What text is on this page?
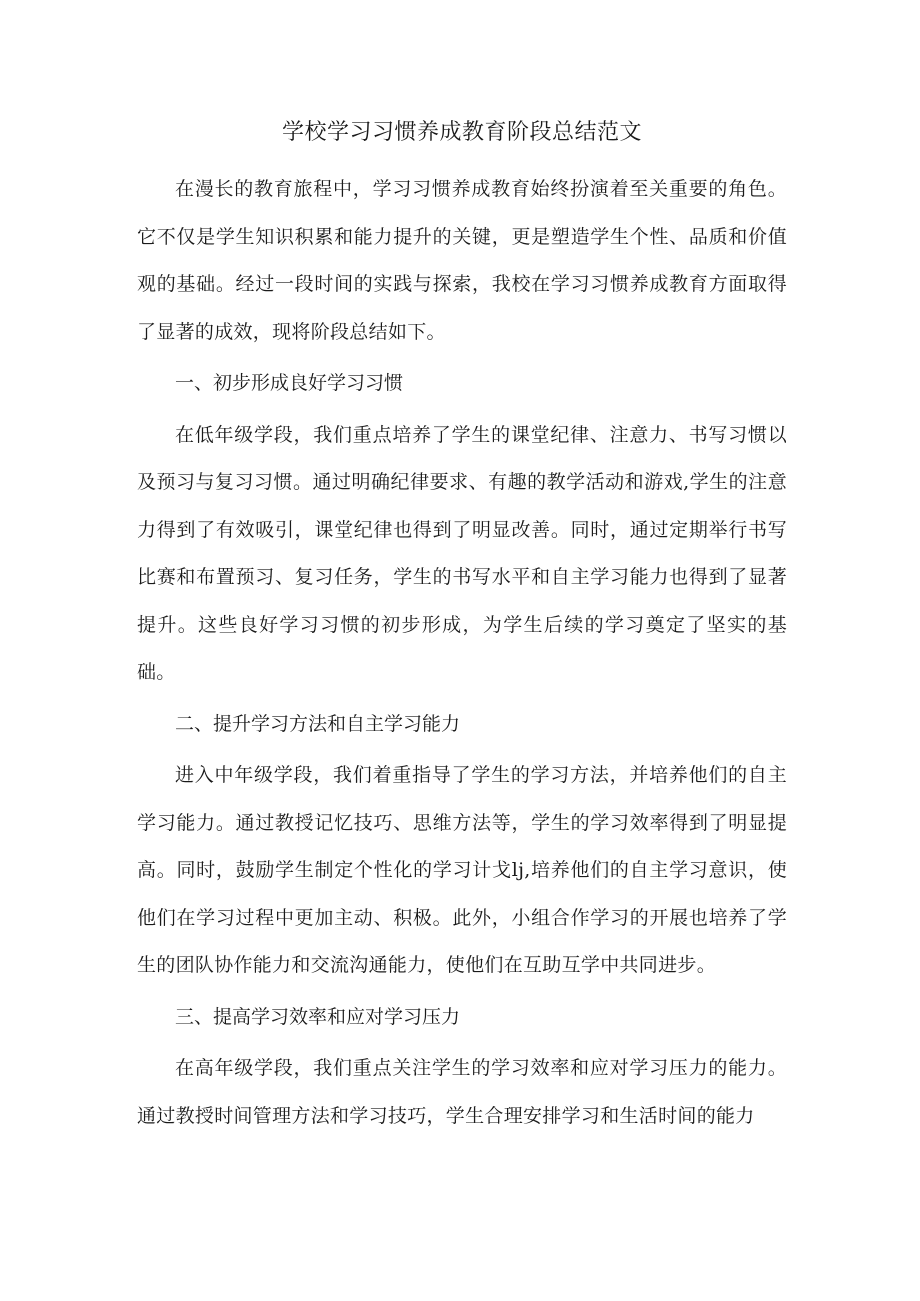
学校学习习惯养成教育阶段总结范文

在漫长的教育旅程中，学习习惯养成教育始终扮演着至关重要的角色。它不仅是学生知识积累和能力提升的关键，更是塑造学生个性、品质和价值观的基础。经过一段时间的实践与探索，我校在学习习惯养成教育方面取得了显著的成效，现将阶段总结如下。

一、初步形成良好学习习惯

在低年级学段，我们重点培养了学生的课堂纪律、注意力、书写习惯以及预习与复习习惯。通过明确纪律要求、有趣的教学活动和游戏,学生的注意力得到了有效吸引，课堂纪律也得到了明显改善。同时，通过定期举行书写比赛和布置预习、复习任务，学生的书写水平和自主学习能力也得到了显著提升。这些良好学习习惯的初步形成，为学生后续的学习奠定了坚实的基础。

二、提升学习方法和自主学习能力

进入中年级学段，我们着重指导了学生的学习方法，并培养他们的自主学习能力。通过教授记忆技巧、思维方法等，学生的学习效率得到了明显提高。同时，鼓励学生制定个性化的学习计戈lj,培养他们的自主学习意识，使他们在学习过程中更加主动、积极。此外，小组合作学习的开展也培养了学生的团队协作能力和交流沟通能力，使他们在互助互学中共同进步。

三、提高学习效率和应对学习压力

在高年级学段，我们重点关注学生的学习效率和应对学习压力的能力。通过教授时间管理方法和学习技巧，学生合理安排学习和生活时间的能力
